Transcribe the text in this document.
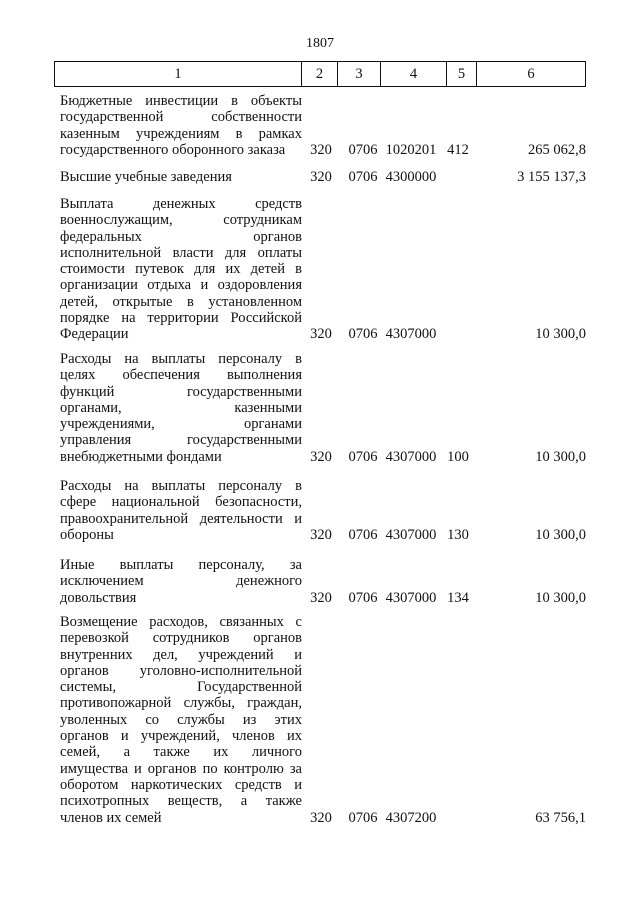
1807
1	2	3	4	5	6
Бюджетные инвестиции в объекты
государственной собственности
казенным учреждениям в рамках
государственного оборонного заказа	320 0706 1020201 412	265 062,8
Высшие учебные заведения	320 0706 4300000	3 155 137,3
Выплата денежных средств
военнослужащим, сотрудникам
федеральных органов
исполнительной власти для оплаты
стоимости путевок для их детей в
организации отдыха и оздоровления
детей, открытые в установленном
порядке на территории Российской
Федерации	320 0706 4307000	10 300,0
Расходы на выплаты персоналу в
целях обеспечения выполнения
функций государственными
органами, казенными
учреждениями, органами
управления государственными
внебюджетными фондами	320 0706 4307000 100	10 300,0
Расходы на выплаты персоналу в
сфере национальной безопасности,
правоохранительной деятельности и
обороны	320 0706 4307000 130	10 300,0
Иные выплаты персоналу, за
исключением денежного
довольствия	320 0706 4307000 134	10 300,0
Возмещение расходов, связанных с
перевозкой сотрудников органов
внутренних дел, учреждений и
органов уголовно-исполнительной
системы, Государственной
противопожарной службы, граждан,
уволенных со службы из этих
органов и учреждений, членов их
семей, а также их личного
имущества и органов по контролю за
оборотом наркотических средств и
психотропных веществ, а также
членов их семей	320 0706 4307200	63 756,1
